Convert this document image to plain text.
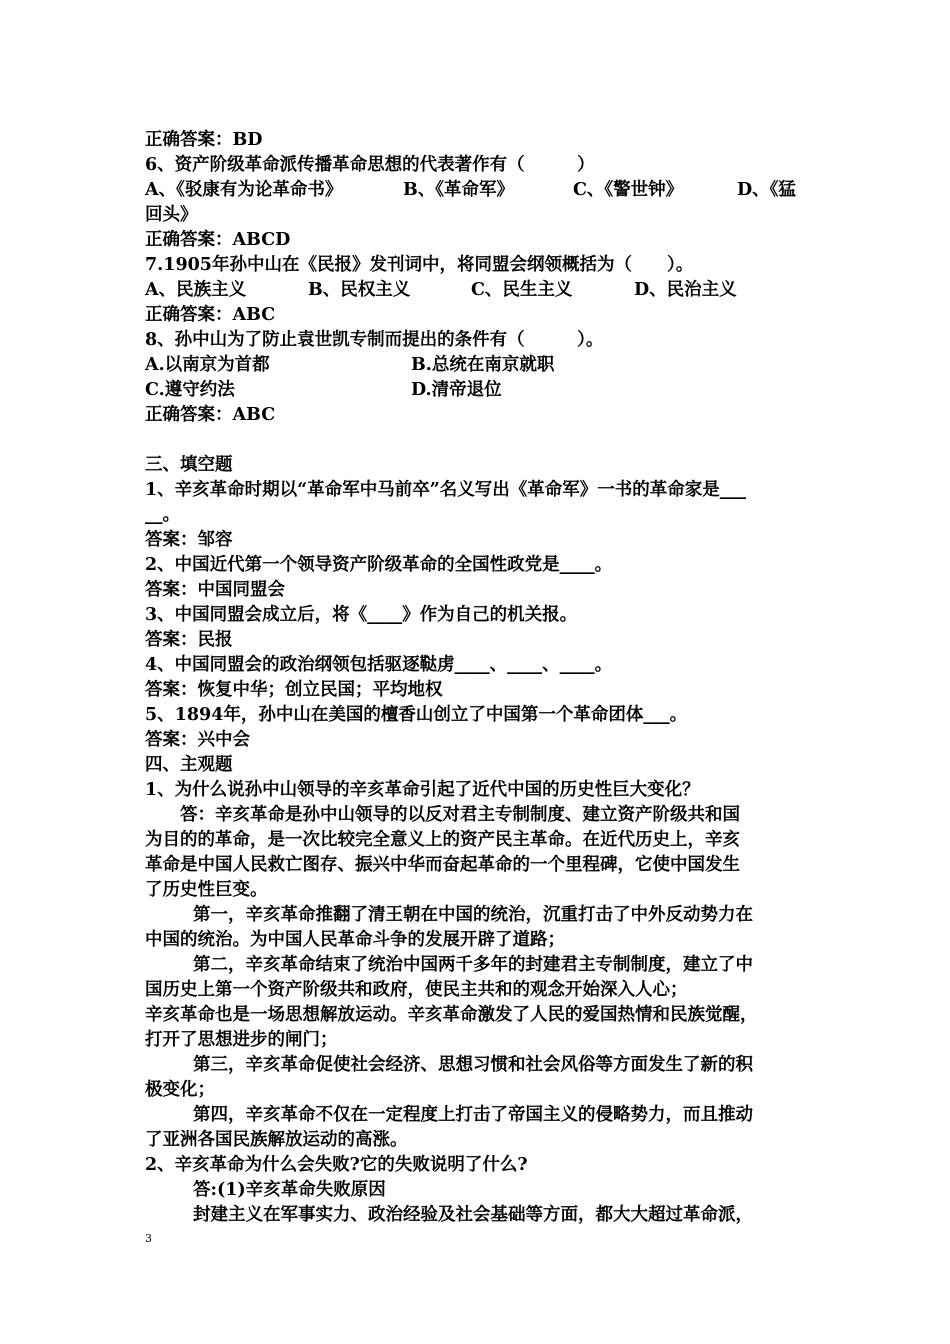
正确答案：BD
6、资产阶级革命派传播革命思想的代表著作有（　　　）
A、《驳康有为论革命书》	B、《革命军》	C、《警世钟》	D、《猛
回头》
正确答案：ABCD
7.1905年孙中山在《民报》发刊词中，将同盟会纲领概括为（　　）。
A、民族主义	B、民权主义	C、民生主义	D、民治主义
正确答案：ABC
8、孙中山为了防止袁世凯专制而提出的条件有（　　　）。
A.以南京为首都	B.总统在南京就职
C.遵守约法	D.清帝退位
正确答案：ABC
三、填空题
1、辛亥革命时期以“革命军中马前卒”名义写出《革命军》一书的革命家是___
__。
答案：邹容
2、中国近代第一个领导资产阶级革命的全国性政党是____。
答案：中国同盟会
3、中国同盟会成立后，将《____》作为自己的机关报。
答案：民报
4、中国同盟会的政治纲领包括驱逐鞑虏____、____、____。
答案：恢复中华；创立民国；平均地权
5、1894年，孙中山在美国的檀香山创立了中国第一个革命团体___。
答案：兴中会
四、主观题
1、为什么说孙中山领导的辛亥革命引起了近代中国的历史性巨大变化？
答：辛亥革命是孙中山领导的以反对君主专制制度、建立资产阶级共和国
为目的的革命，是一次比较完全意义上的资产民主革命。在近代历史上，辛亥
革命是中国人民救亡图存、振兴中华而奋起革命的一个里程碑，它使中国发生
了历史性巨变。
第一，辛亥革命推翻了清王朝在中国的统治，沉重打击了中外反动势力在
中国的统治。为中国人民革命斗争的发展开辟了道路；
第二，辛亥革命结束了统治中国两千多年的封建君主专制制度，建立了中
国历史上第一个资产阶级共和政府，使民主共和的观念开始深入人心；
辛亥革命也是一场思想解放运动。辛亥革命激发了人民的爱国热情和民族觉醒，
打开了思想进步的闸门；
第三，辛亥革命促使社会经济、思想习惯和社会风俗等方面发生了新的积
极变化；
第四，辛亥革命不仅在一定程度上打击了帝国主义的侵略势力，而且推动
了亚洲各国民族解放运动的高涨。
2、辛亥革命为什么会失败?它的失败说明了什么?
答:(1)辛亥革命失败原因
封建主义在军事实力、政治经验及社会基础等方面，都大大超过革命派，
3
